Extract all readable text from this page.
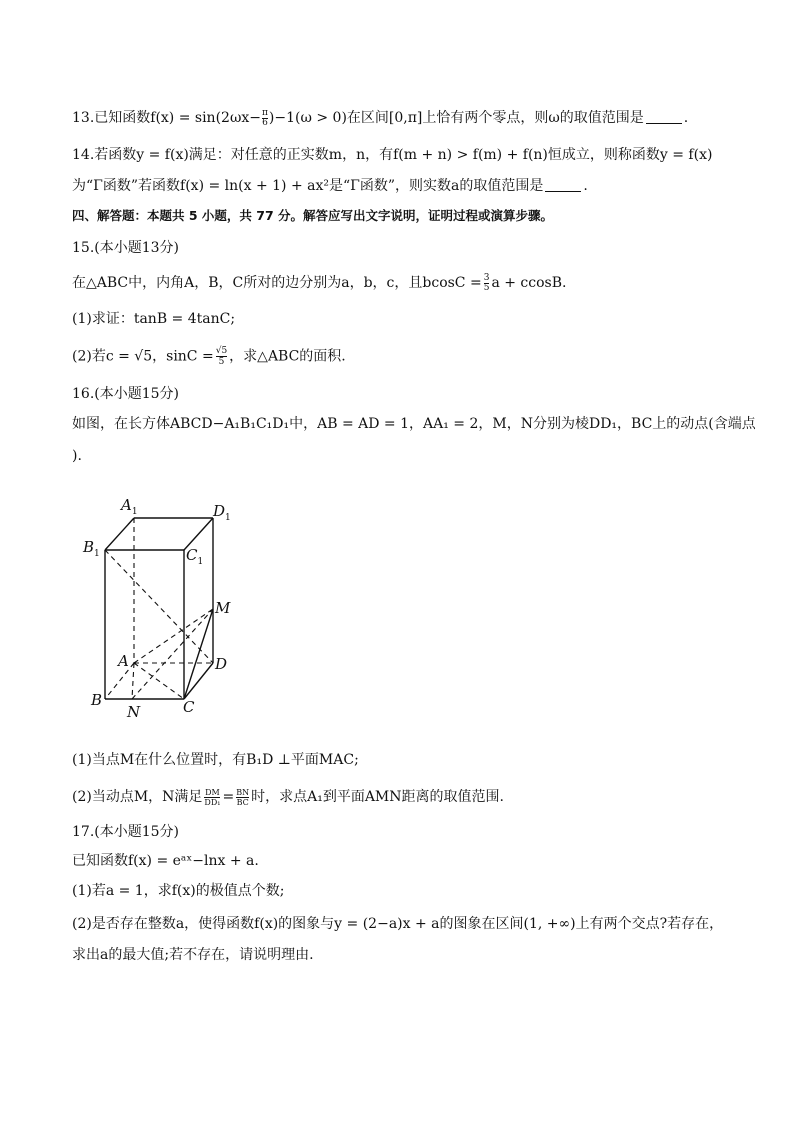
13.已知函数$f(x) = \sin(2\omega x- \frac{\pi}{6} )-1(\omega > 0)$在区间[0,π]上恰有两个零点，则ω的取值范围是	.
14.若函数y = f(x)满足：对任意的正实数m，n，有f(m + n) > f(m) + f(n)恒成立，则称函数y = f(x)
为“Γ函数”若函数f(x) = ln(x + 1) + ax²是“Γ函数”，则实数a的取值范围是	.
四、解答题：本题共 5 小题，共 77 分。解答应写出文字说明，证明过程或演算步骤。
15.(本小题13分)
在△ABC中，内角A，B，C所对的边分别为a，b，c，且$bcosC = \frac{3}{5}$ a + ccosB.
(1)求证：tanB = 4tanC;
(2)若c = √5，$\sin C = \frac{√5}{5}$ ，求△ABC的面积.
16.(本小题15分)
如图，在长方体ABCD−A₁B₁C₁D₁中，AB = AD = 1，AA₁ = 2，M，N分别为棱DD₁，BC上的动点(含端点
).
$A_1$	$D_1$
$B_1$	$C_1$
M
A	D
B
N	C
(1)当点M在什么位置时，有B₁D ⊥平面MAC;
(2)当动点M，N满足 $\frac{DM}{\text{DD₁}} = \frac{BN}{BC}$ 时，求点A₁到平面AMN距离的取值范围.
17.(本小题15分)
已知函数f(x) = eᵃˣ−lnx + a.
(1)若a = 1，求f(x)的极值点个数;
(2)是否存在整数a，使得函数f(x)的图象与y = (2−a)x + a的图象在区间(1, +∞)上有两个交点?若存在，
求出a的最大值;若不存在，请说明理由.
